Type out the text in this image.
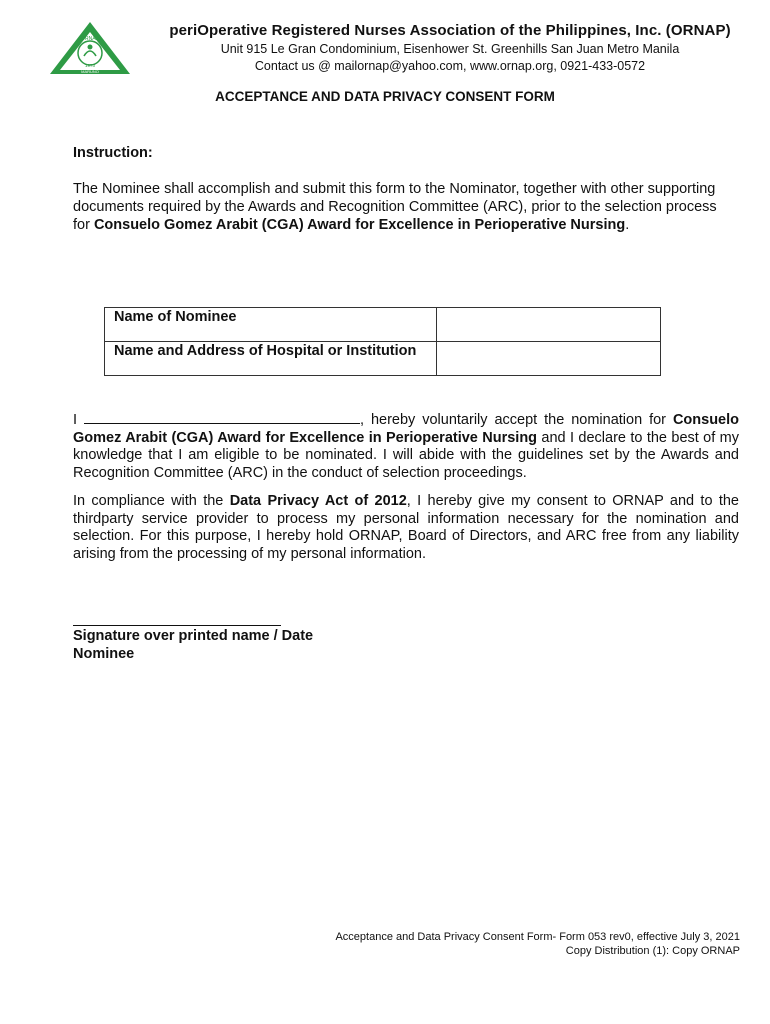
ORNAP
1973
MARUNO
periOperative Registered Nurses Association of the Philippines, Inc. (ORNAP)
Unit 915 Le Gran Condominium, Eisenhower St. Greenhills San Juan Metro Manila
Contact us @ mailornap@yahoo.com, www.ornap.org, 0921-433-0572
ACCEPTANCE AND DATA PRIVACY CONSENT FORM
Instruction:
The Nominee shall accomplish and submit this form to the Nominator, together with other supporting documents required by the Awards and Recognition Committee (ARC), prior to the selection process for Consuelo Gomez Arabit (CGA) Award for Excellence in Perioperative Nursing.
Name of Nominee	
Name and Address of Hospital or Institution	
I	, hereby voluntarily accept the nomination for Consuelo Gomez Arabit (CGA) Award for Excellence in Perioperative Nursing and I declare to the best of my knowledge that I am eligible to be nominated. I will abide with the guidelines set by the Awards and Recognition Committee (ARC) in the conduct of selection proceedings.
In compliance with the Data Privacy Act of 2012, I hereby give my consent to ORNAP and to the thirdparty service provider to process my personal information necessary for the nomination and selection. For this purpose, I hereby hold ORNAP, Board of Directors, and ARC free from any liability arising from the processing of my personal information.
Signature over printed name / Date
Nominee
Acceptance and Data Privacy Consent Form- Form 053 rev0, effective July 3, 2021
Copy Distribution (1): Copy ORNAP
